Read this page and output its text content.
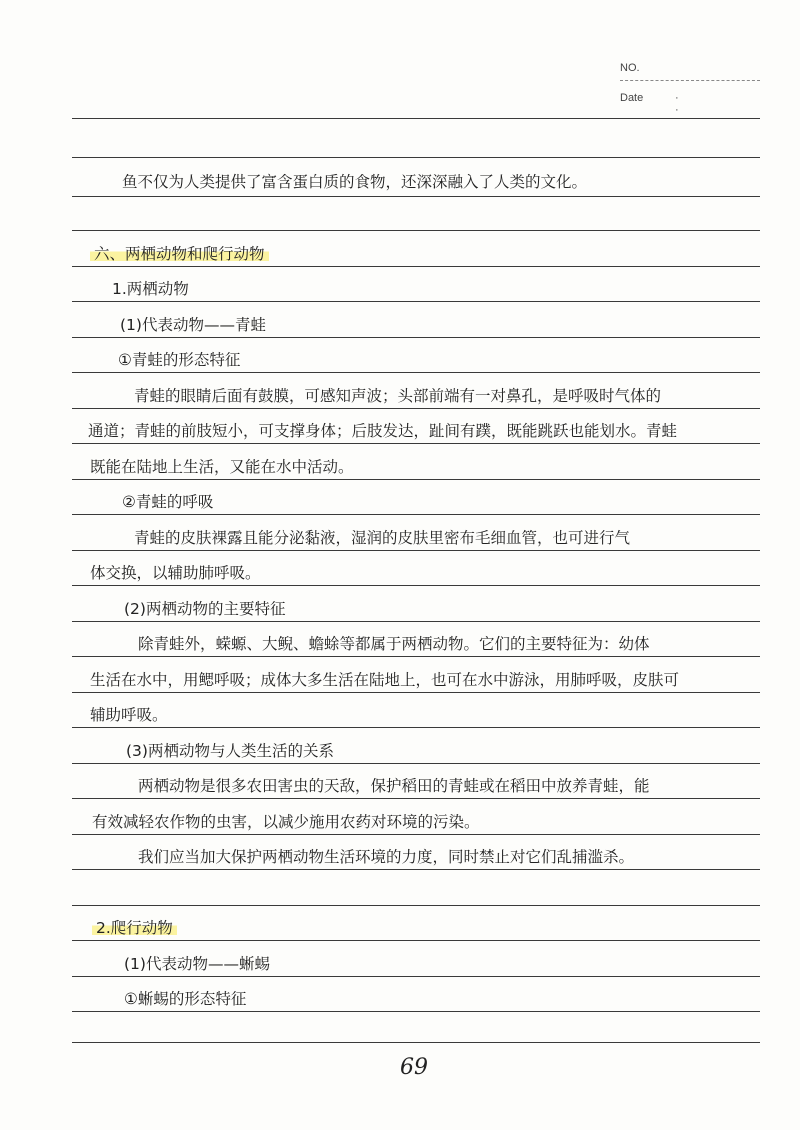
NO.
Date	· ·
鱼不仅为人类提供了富含蛋白质的食物，还深深融入了人类的文化。
六、两栖动物和爬行动物
1.两栖动物
(1)代表动物——青蛙
①青蛙的形态特征
青蛙的眼睛后面有鼓膜，可感知声波；头部前端有一对鼻孔，是呼吸时气体的
通道；青蛙的前肢短小，可支撑身体；后肢发达，趾间有蹼，既能跳跃也能划水。青蛙
既能在陆地上生活，又能在水中活动。
②青蛙的呼吸
青蛙的皮肤裸露且能分泌黏液，湿润的皮肤里密布毛细血管，也可进行气
体交换，以辅助肺呼吸。
(2)两栖动物的主要特征
除青蛙外，蝾螈、大鲵、蟾蜍等都属于两栖动物。它们的主要特征为：幼体
生活在水中，用鳃呼吸；成体大多生活在陆地上，也可在水中游泳，用肺呼吸，皮肤可
辅助呼吸。
(3)两栖动物与人类生活的关系
两栖动物是很多农田害虫的天敌，保护稻田的青蛙或在稻田中放养青蛙，能
有效减轻农作物的虫害，以减少施用农药对环境的污染。
我们应当加大保护两栖动物生活环境的力度，同时禁止对它们乱捕滥杀。
2.爬行动物
(1)代表动物——蜥蜴
①蜥蜴的形态特征
69
